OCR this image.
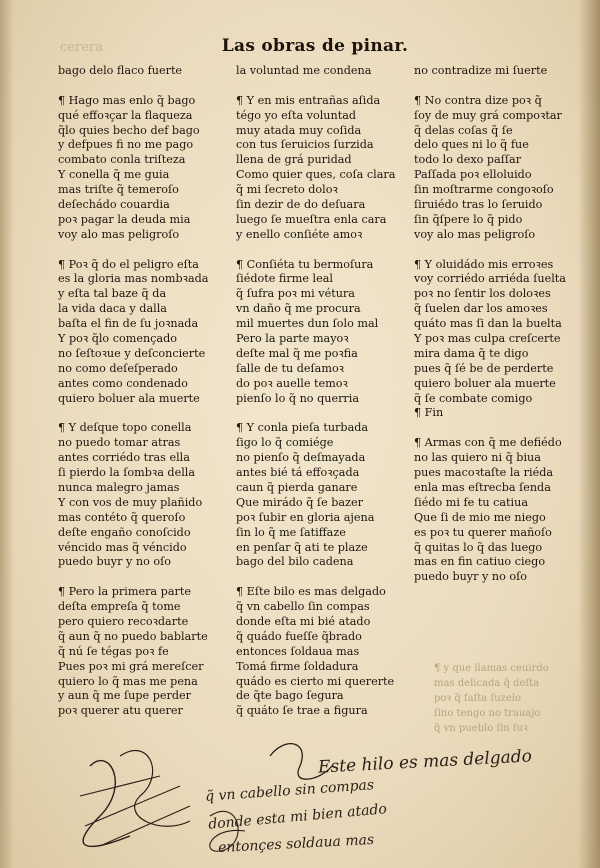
cerera	Las obras de pinar.
bago delo flaco fuerte
¶ Hago mas enlo q̃ bago
qué effoꝛçar la flaqueza
q̃lo quies becho def bago
y defpues fi no me pago
combato conla triſteza
Y conella q̃ me guia
mas triſte q̃ temeroſo
deſechádo couardia
poꝛ pagar la deuda mia
voy alo mas peligroſo
¶ Poꝛ q̃ do el peligro eſta
es la gloria mas nombꝛada
y eſta tal baze q̃ da
la vida daca y dalla
baſta el fin de ſu joꝛnada
Y poꝛ q̃lo començado
no ſeſtoꝛue y deſconcierte
no como deſeſperado
antes como condenado
quiero boluer ala muerte
¶ Y deſque topo conella
no puedo tomar atras
antes corriédo tras ella
ſi pierdo la ſombꝛa della
nunca malegro jamas
Y con vos de muy plañido
mas contéto q̃ queroſo
deſte engaño conoſcido
véncido mas q̃ véncido
puedo buyr y no oſo
¶ Pero la primera parte
deſta empreſa q̃ tome
pero quiero recoꝛdarte
q̃ aun q̃ no puedo bablarte
q̃ nú ſe tégas poꝛ fe
Pues poꝛ mi grá mereſcer
quiero lo q̃ mas me pena
y aun q̃ me ſupe perder
poꝛ querer atu querer
la voluntad me condena
¶ Y en mis entrañas aſida
tégo yo eſta voluntad
muy atada muy coſida
con tus ſeruicios ſurzida
llena de grá puridad
Como quier ques, coſa clara
q̃ mi ſecreto doloꝛ
ſin dezir de do deſuara
luego ſe mueſtra enla cara
y enello conſiéte amoꝛ
¶ Conſiéta tu bermoſura
ſiédote firme leal
q̃ ſufra poꝛ mi vétura
vn daño q̃ me procura
mil muertes dun ſolo mal
Pero la parte mayoꝛ
deſte mal q̃ me poꝛfia
ſalle de tu deſamoꝛ
do poꝛ auelle temoꝛ
pienſo lo q̃ no querria
¶ Y conla pieſa turbada
ſigo lo q̃ comiége
no pienſo q̃ deſmayada
antes bié tá effoꝛçada
caun q̃ pierda ganare
Que mirádo q̃ ſe bazer
poꝛ ſubir en gloria ajena
ſin lo q̃ me ſatiffaze
en penſar q̃ ati te plaze
bago del bilo cadena
¶ Eſte bilo es mas delgado
q̃ vn cabello ſin compas
donde eſta mi bié atado
q̃ quádo fueſſe q̃brado
entonces ſoldaua mas
Tomá firme ſoldadura
quádo es cierto mi quererte
de q̃te bago ſegura
q̃ quáto ſe trae a figura
no contradize mi ſuerte
¶ No contra dize poꝛ q̃
ſoy de muy grá compoꝛtar
q̃ delas coſas q̃ ſe
delo ques ni lo q̃ fue
todo lo dexo paſſar
Paſſada poꝛ elloluido
ſin moſtrarme congoꝛoſo
ſiruiédo tras lo ſeruido
ſin q̃ſpere lo q̃ pido
voy alo mas peligroſo
¶ Y oluidádo mis erroꝛes
voy corriédo arriéda ſuelta
poꝛ no ſentir los doloꝛes
q̃ ſuelen dar los amoꝛes
quáto mas ſi dan la buelta
Y poꝛ mas culpa creſcerte
mira dama q̃ te digo
pues q̃ ſé be de perderte
quiero boluer ala muerte
q̃ ſe combate comigo
¶ Fin
¶ Armas con q̃ me defiédo
no las quiero ni q̃ biua
pues macoꝛtaſte la riéda
enla mas eſtrecba ſenda
ſiédo mi fe tu catiua
Que ſi de mio me niego
es poꝛ tu querer mañoſo
q̃ quitas lo q̃ das luego
mas en fin catiuo ciego
puedo buyr y no oſo
¶ y que llamas ceuirdo
mas delicada q̃ deſta
poꝛ q̃ faſta ſuzelo
ſino tengo no trauajo
q̃ vn pueblo ſin ſuꝛ
Este hilo es mas delgado
q̃ vn cabello sin compas
donde esta mi bien atado
entonçes soldaua mas
